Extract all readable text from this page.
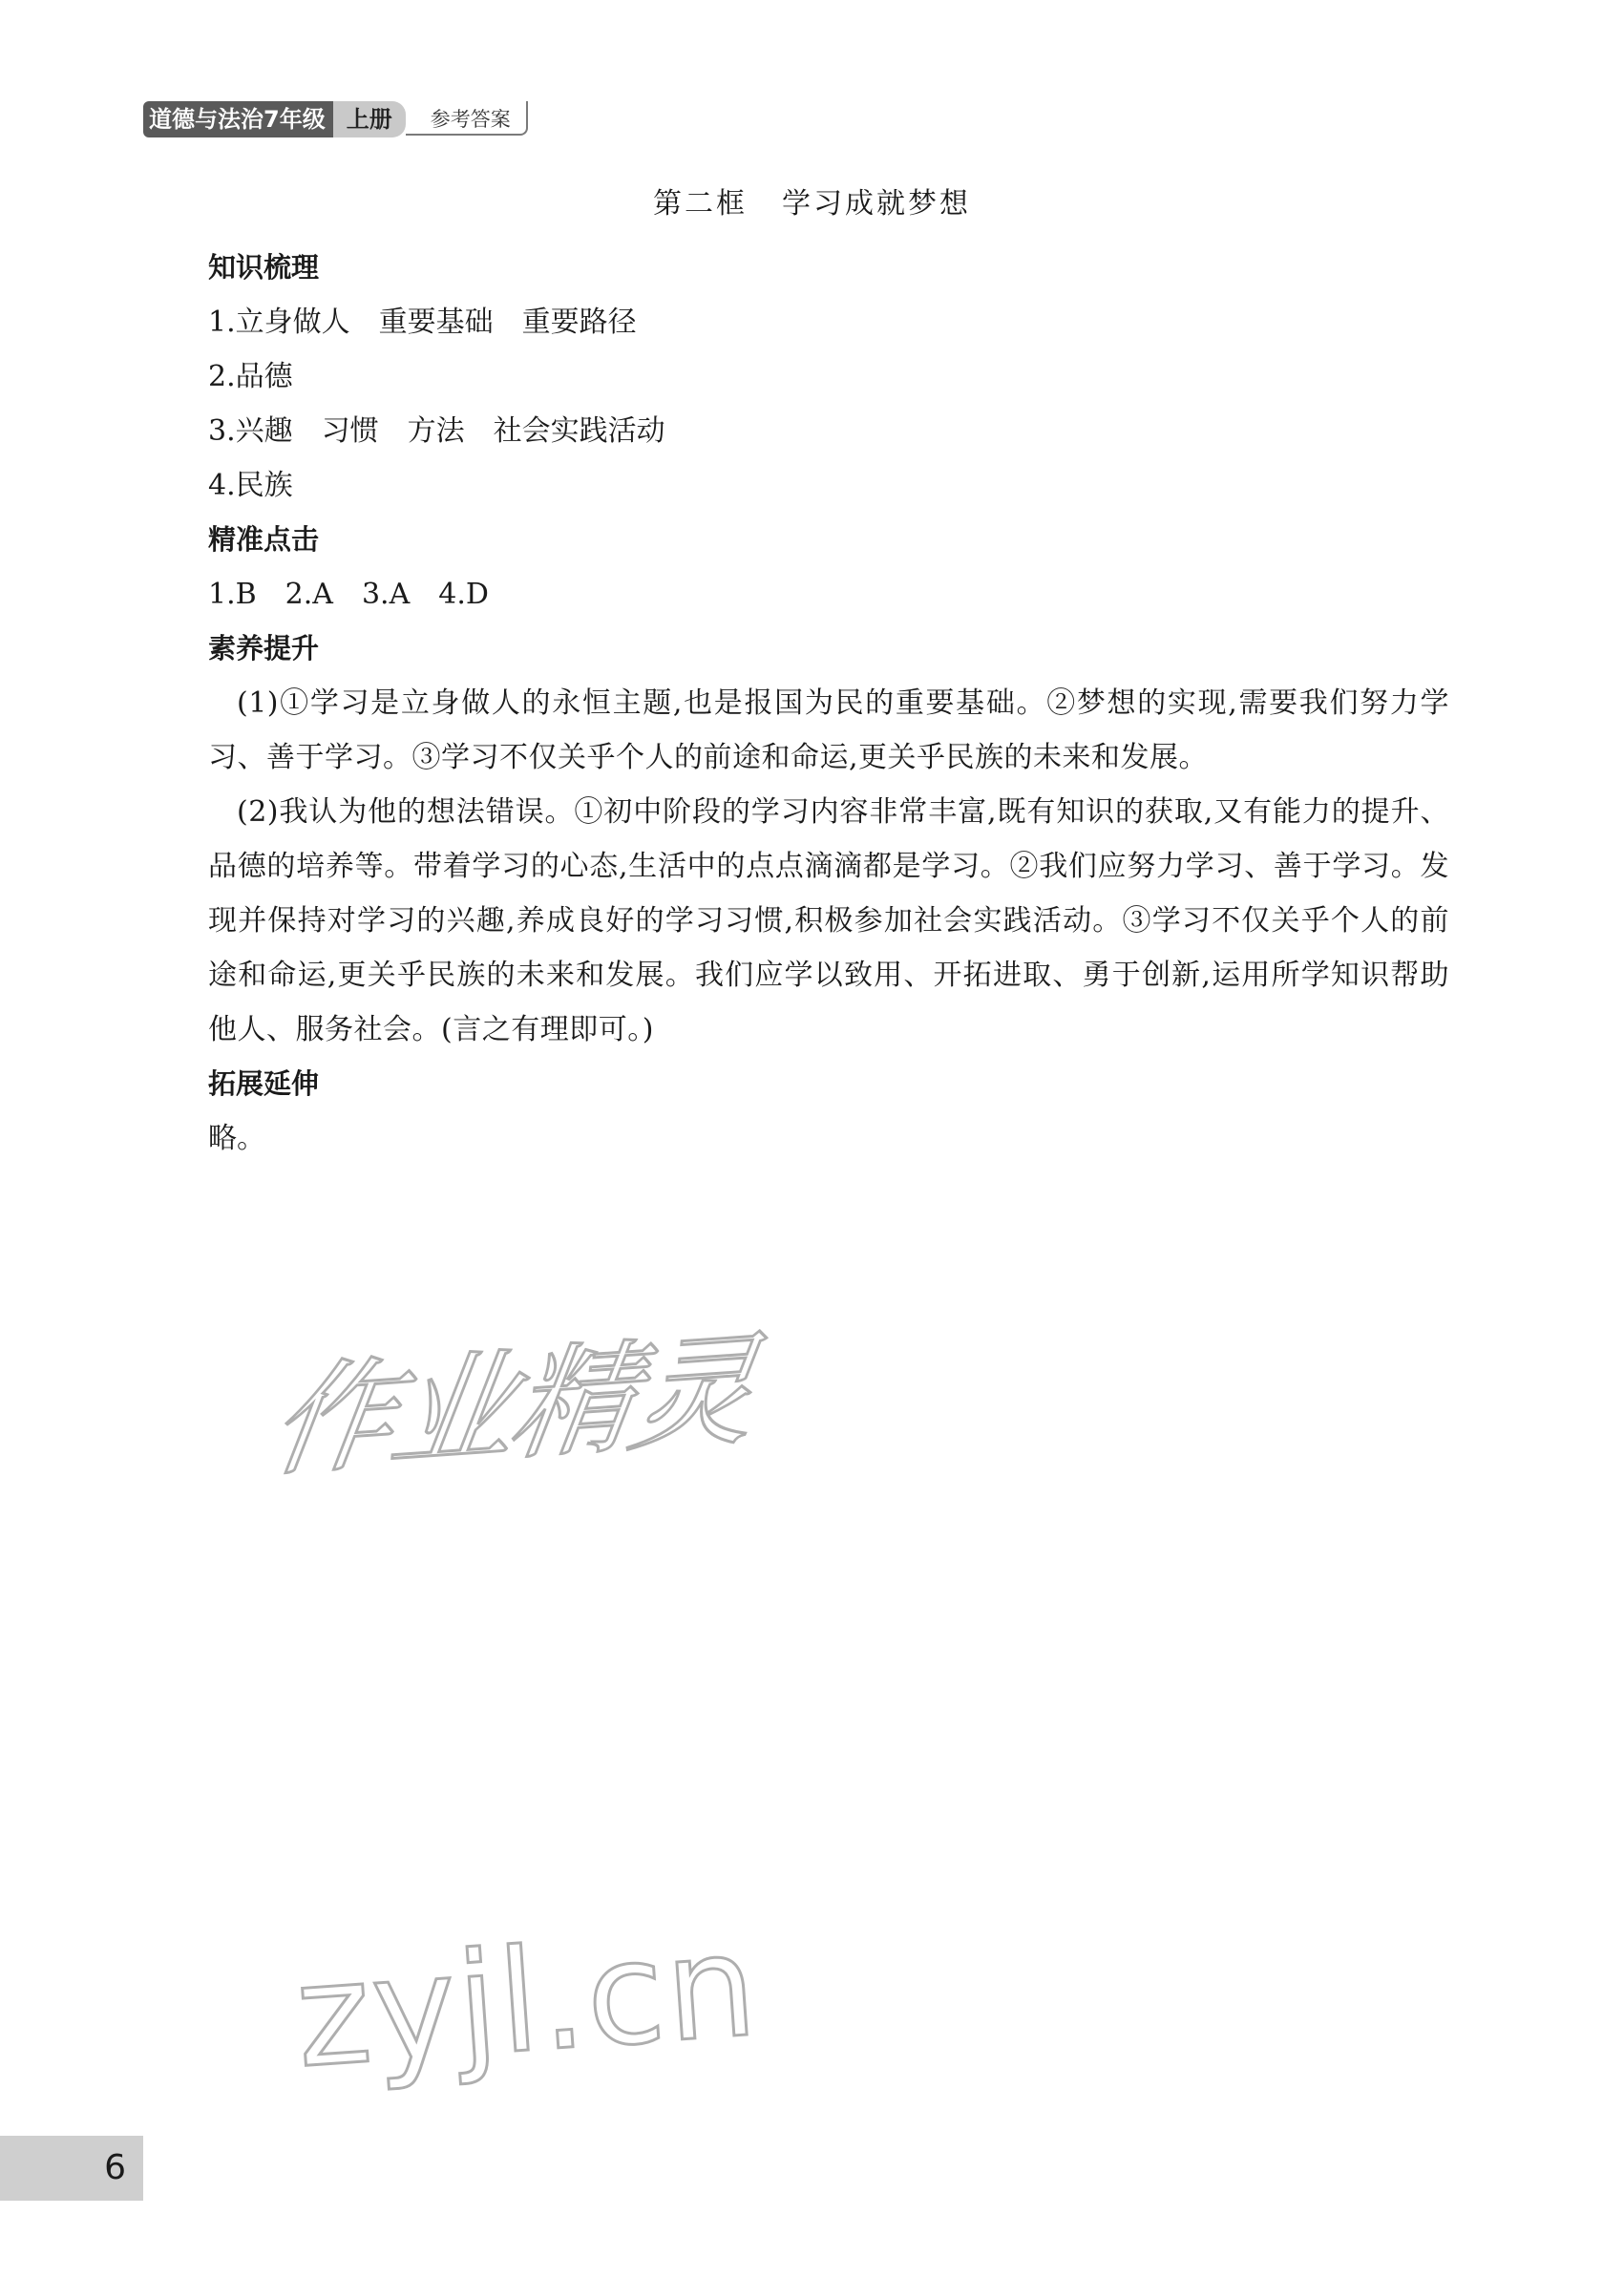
道德与法治7年级 上册	参考答案
第二框 学习成就梦想
知识梳理
1.立身做人 重要基础 重要路径
2.品德
3.兴趣 习惯 方法 社会实践活动
4.民族
精准点击
1.B 2.A 3.A 4.D
素养提升

(1)①学习是立身做人的永恒主题,也是报国为民的重要基础。②梦想的实现,需要我们努力学习、善于学习。③学习不仅关乎个人的前途和命运,更关乎民族的未来和发展。

(2)我认为他的想法错误。①初中阶段的学习内容非常丰富,既有知识的获取,又有能力的提升、品德的培养等。带着学习的心态,生活中的点点滴滴都是学习。②我们应努力学习、善于学习。发现并保持对学习的兴趣,养成良好的学习习惯,积极参加社会实践活动。③学习不仅关乎个人的前途和命运,更关乎民族的未来和发展。我们应学以致用、开拓进取、勇于创新,运用所学知识帮助他人、服务社会。(言之有理即可。)

拓展延伸
略。
作业精灵
zyjl.cn
6
